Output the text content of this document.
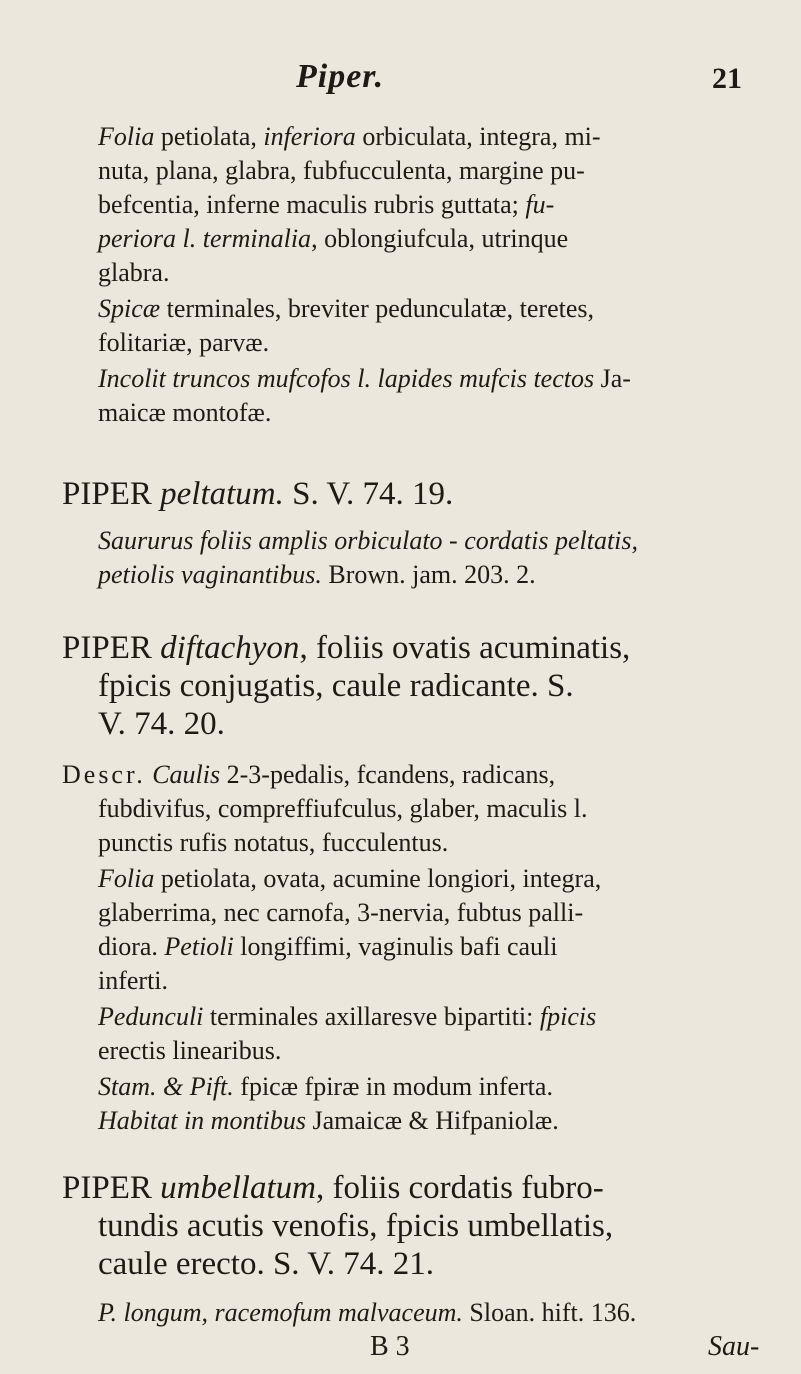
Piper.	21
Folia petiolata, inferiora orbiculata, integra, mi-
nuta, plana, glabra, fubfucculenta, margine pu-
befcentia, inferne maculis rubris guttata; fu-
periora l. terminalia, oblongiufcula, utrinque
glabra.
Spicæ terminales, breviter pedunculatæ, teretes,
folitariæ, parvæ.
Incolit truncos mufcofos l. lapides mufcis tectos Ja-
maicæ montofæ.
PIPER peltatum. S. V. 74. 19.
Saururus foliis amplis orbiculato - cordatis peltatis,
petiolis vaginantibus. Brown. jam. 203. 2.
PIPER diftachyon, foliis ovatis acuminatis,
fpicis conjugatis, caule radicante. S.
V. 74. 20.
Descr. Caulis 2-3-pedalis, fcandens, radicans,
fubdivifus, compreffiufculus, glaber, maculis l.
punctis rufis notatus, fucculentus.
Folia petiolata, ovata, acumine longiori, integra,
glaberrima, nec carnofa, 3-nervia, fubtus palli-
diora. Petioli longiffimi, vaginulis bafi cauli
inferti.
Pedunculi terminales axillaresve bipartiti: fpicis
erectis linearibus.
Stam. & Pift. fpicæ fpiræ in modum inferta.
Habitat in montibus Jamaicæ & Hifpaniolæ.
PIPER umbellatum, foliis cordatis fubro-
tundis acutis venofis, fpicis umbellatis,
caule erecto. S. V. 74. 21.
P. longum, racemofum malvaceum. Sloan. hift. 136.
B 3	Sau-
